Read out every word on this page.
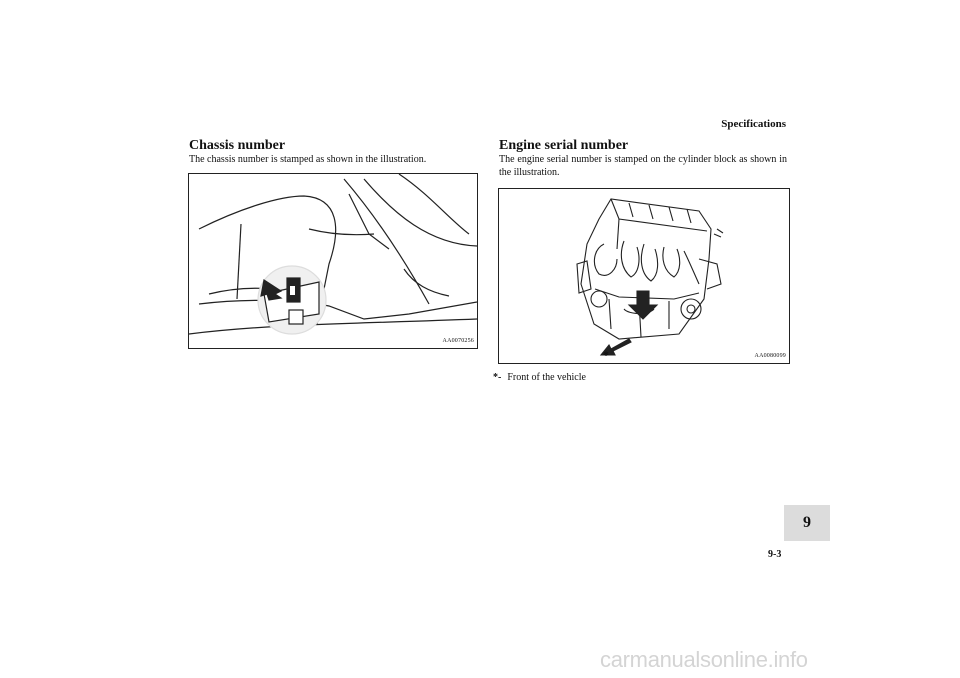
Specifications
Chassis number

The chassis number is stamped as shown in the illustration.

AA0070256
Engine serial number

The engine serial number is stamped on the cylinder block as shown in the illustration.

*	AA0080099
*- Front of the vehicle
9
9-3
carmanualsonline.info
